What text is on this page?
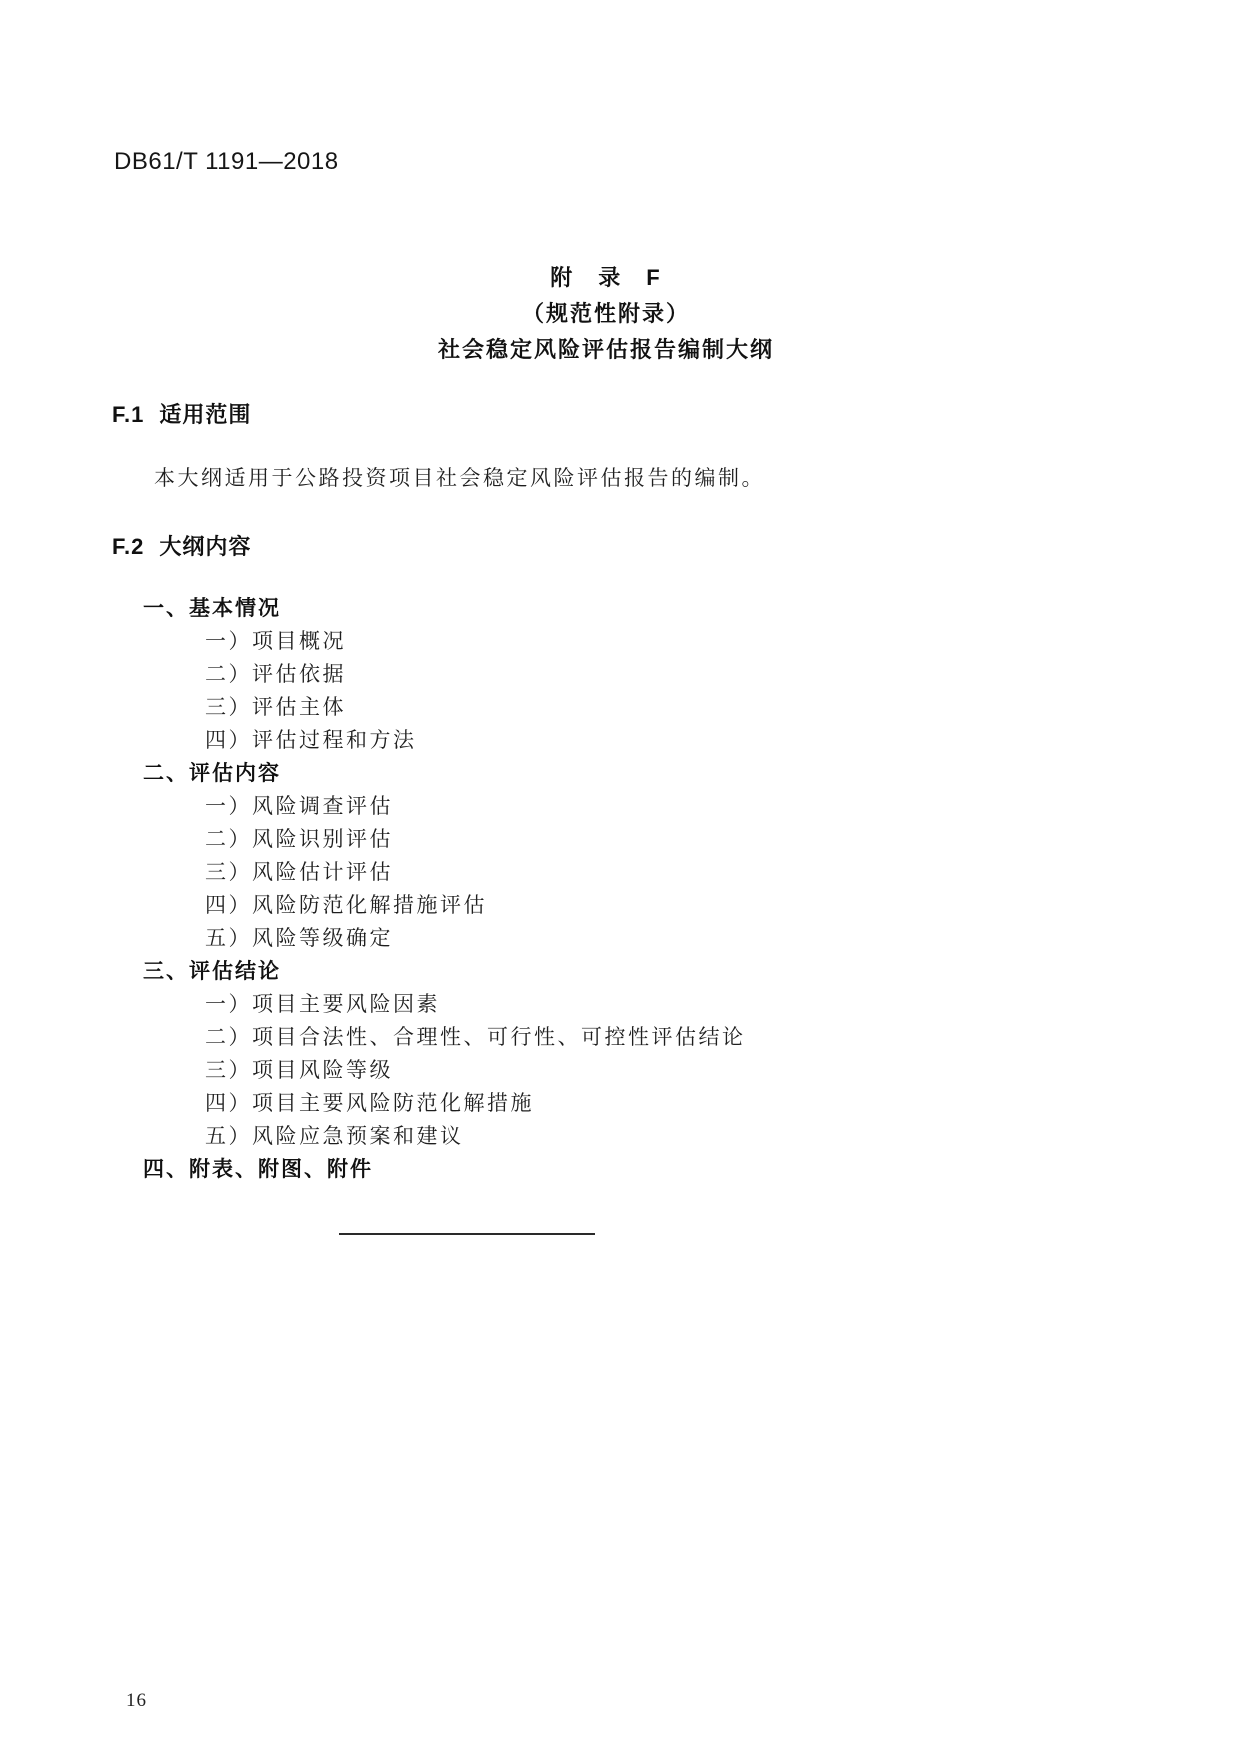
DB61/T 1191—2018
附　录　F
（规范性附录）
社会稳定风险评估报告编制大纲
F.1 适用范围

本大纲适用于公路投资项目社会稳定风险评估报告的编制。

F.2 大纲内容
一、基本情况
一）项目概况
二）评估依据
三）评估主体
四）评估过程和方法
二、评估内容
一）风险调查评估
二）风险识别评估
三）风险估计评估
四）风险防范化解措施评估
五）风险等级确定
三、评估结论
一）项目主要风险因素
二）项目合法性、合理性、可行性、可控性评估结论
三）项目风险等级
四）项目主要风险防范化解措施
五）风险应急预案和建议
四、附表、附图、附件
16
